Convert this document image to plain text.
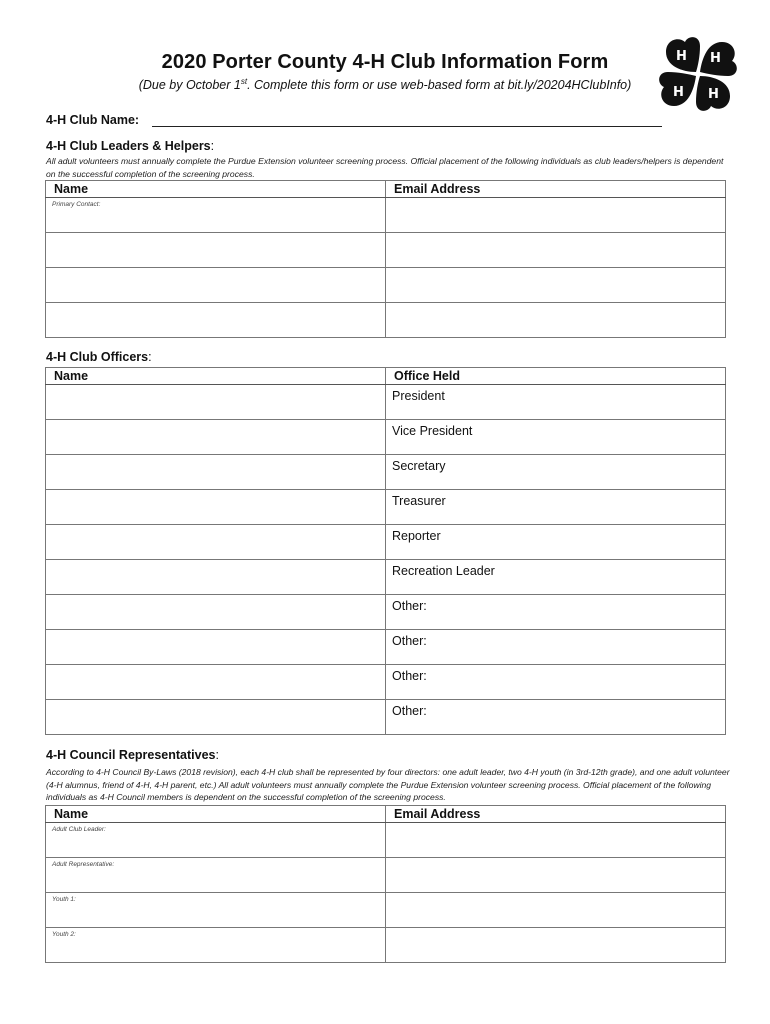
2020 Porter County 4-H Club Information Form
(Due by October 1st. Complete this form or use web-based form at bit.ly/20204HClubInfo)
H H
H
H
4-H Club Name:
4-H Club Leaders & Helpers:
All adult volunteers must annually complete the Purdue Extension volunteer screening process. Official placement of the following individuals as club leaders/helpers is dependent on the successful completion of the screening process.
Name	Email Address

Primary Contact:	

4-H Club Officers:
Name	Office Held

	President

	Vice President

	Secretary

	Treasurer

	Reporter

	Recreation Leader

	Other:

	Other:

	Other:

	Other:
4-H Council Representatives:
According to 4-H Council By-Laws (2018 revision), each 4-H club shall be represented by four directors: one adult leader, two 4-H youth (in 3rd-12th grade), and one adult volunteer (4-H alumnus, friend of 4-H, 4-H parent, etc.) All adult volunteers must annually complete the Purdue Extension volunteer screening process. Official placement of the following individuals as 4-H Council members is dependent on the successful completion of the screening process.
Name	Email Address

Adult Club Leader:	

Adult Representative:	

Youth 1:	

Youth 2:	
